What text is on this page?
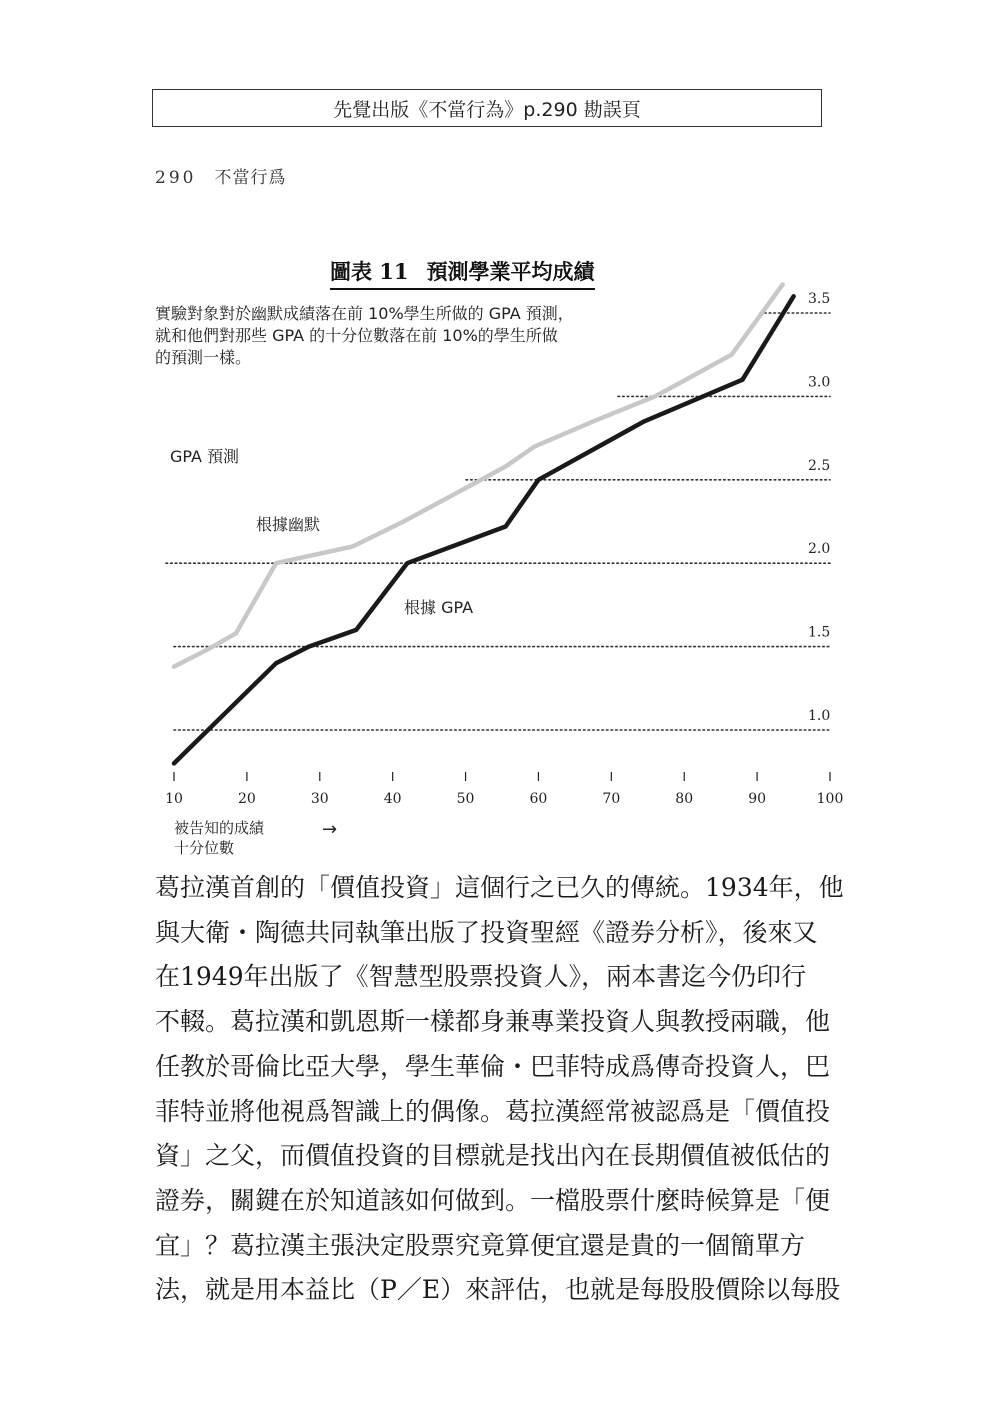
先覺出版《不當行為》p.290 勘誤頁
290 不當行爲
1.0
1.5
2.0
2.5
3.0
3.5
10	20	30	40	50	60	70	80	90	100
GPA 預測
根據幽默
根據 GPA
圖表 11 預測學業平均成績
實驗對象對於幽默成績落在前 10%學生所做的 GPA 預測，
就和他們對那些 GPA 的十分位數落在前 10%的學生所做
的預測一樣。
被告知的成績
十分位數
→

葛拉漢首創的「價值投資」這個行之已久的傳統。1934年，他

與大衛・陶德共同執筆出版了投資聖經《證券分析》，後來又

在1949年出版了《智慧型股票投資人》，兩本書迄今仍印行

不輟。葛拉漢和凱恩斯一樣都身兼專業投資人與教授兩職，他

任教於哥倫比亞大學，學生華倫・巴菲特成爲傳奇投資人，巴

菲特並將他視爲智識上的偶像。葛拉漢經常被認爲是「價值投

資」之父，而價值投資的目標就是找出內在長期價值被低估的

證券，關鍵在於知道該如何做到。一檔股票什麼時候算是「便

宜」？葛拉漢主張決定股票究竟算便宜還是貴的一個簡單方

法，就是用本益比（P／E）來評估，也就是每股股價除以每股
